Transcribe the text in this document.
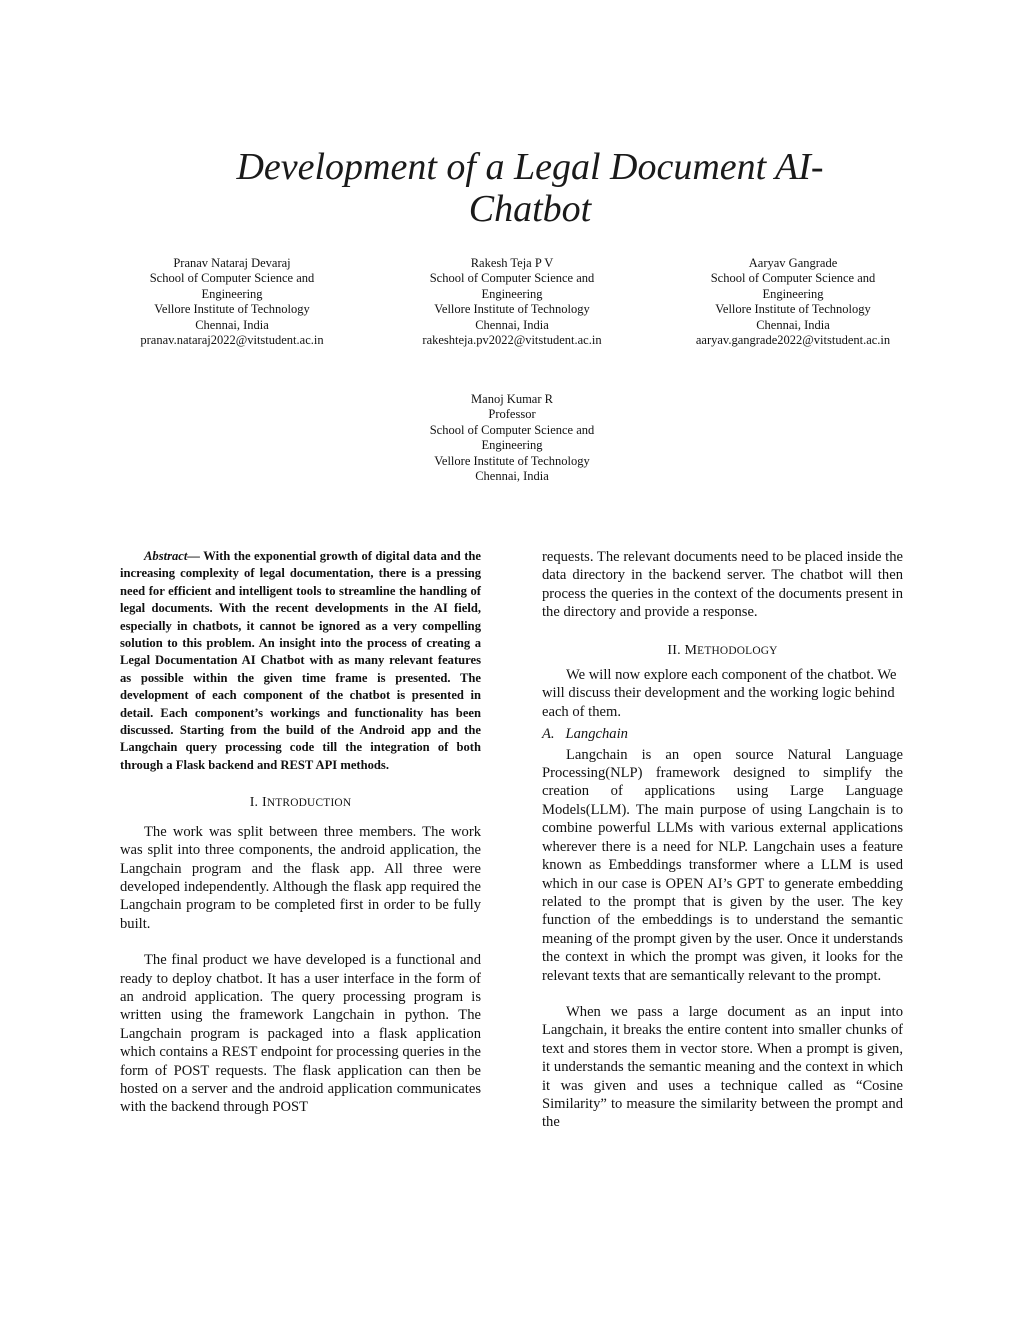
Development of a Legal Document AI-
Chatbot
Pranav Nataraj Devaraj
School of Computer Science and
Engineering
Vellore Institute of Technology
Chennai, India
pranav.nataraj2022@vitstudent.ac.in
Rakesh Teja P V
School of Computer Science and
Engineering
Vellore Institute of Technology
Chennai, India
rakeshteja.pv2022@vitstudent.ac.in
Aaryav Gangrade
School of Computer Science and
Engineering
Vellore Institute of Technology
Chennai, India
aaryav.gangrade2022@vitstudent.ac.in
Manoj Kumar R
Professor
School of Computer Science and
Engineering
Vellore Institute of Technology
Chennai, India

Abstract— With the exponential growth of digital data and the increasing complexity of legal documentation, there is a pressing need for efficient and intelligent tools to streamline the handling of legal documents. With the recent developments in the AI field, especially in chatbots, it cannot be ignored as a very compelling solution to this problem. An insight into the process of creating a Legal Documentation AI Chatbot with as many relevant features as possible within the given time frame is presented. The development of each component of the chatbot is presented in detail. Each component’s workings and functionality has been discussed. Starting from the build of the Android app and the Langchain query processing code till the integration of both through a Flask backend and REST API methods.

I. INTRODUCTION

The work was split between three members. The work was split into three components, the android application, the Langchain program and the flask app. All three were developed independently. Although the flask app required the Langchain program to be completed first in order to be fully built.

The final product we have developed is a functional and ready to deploy chatbot. It has a user interface in the form of an android application. The query processing program is written using the framework Langchain in python. The Langchain program is packaged into a flask application which contains a REST endpoint for processing queries in the form of POST requests. The flask application can then be hosted on a server and the android application communicates with the backend through POST

requests. The relevant documents need to be placed inside the data directory in the backend server. The chatbot will then process the queries in the context of the documents present in the directory and provide a response.

II. METHODOLOGY

We will now explore each component of the chatbot. We will discuss their development and the working logic behind each of them.

A.   Langchain

Langchain is an open source Natural Language Processing(NLP) framework designed to simplify the creation of applications using Large Language Models(LLM). The main purpose of using Langchain is to combine powerful LLMs with various external applications wherever there is a need for NLP. Langchain uses a feature known as Embeddings transformer where a LLM is used which in our case is OPEN AI’s GPT to generate embedding related to the prompt that is given by the user. The key function of the embeddings is to understand the semantic meaning of the prompt given by the user. Once it understands the context in which the prompt was given, it looks for the relevant texts that are semantically relevant to the prompt.

When we pass a large document as an input into Langchain, it breaks the entire content into smaller chunks of text and stores them in vector store. When a prompt is given, it understands the semantic meaning and the context in which it was given and uses a technique called as “Cosine Similarity” to measure the similarity between the prompt and the
